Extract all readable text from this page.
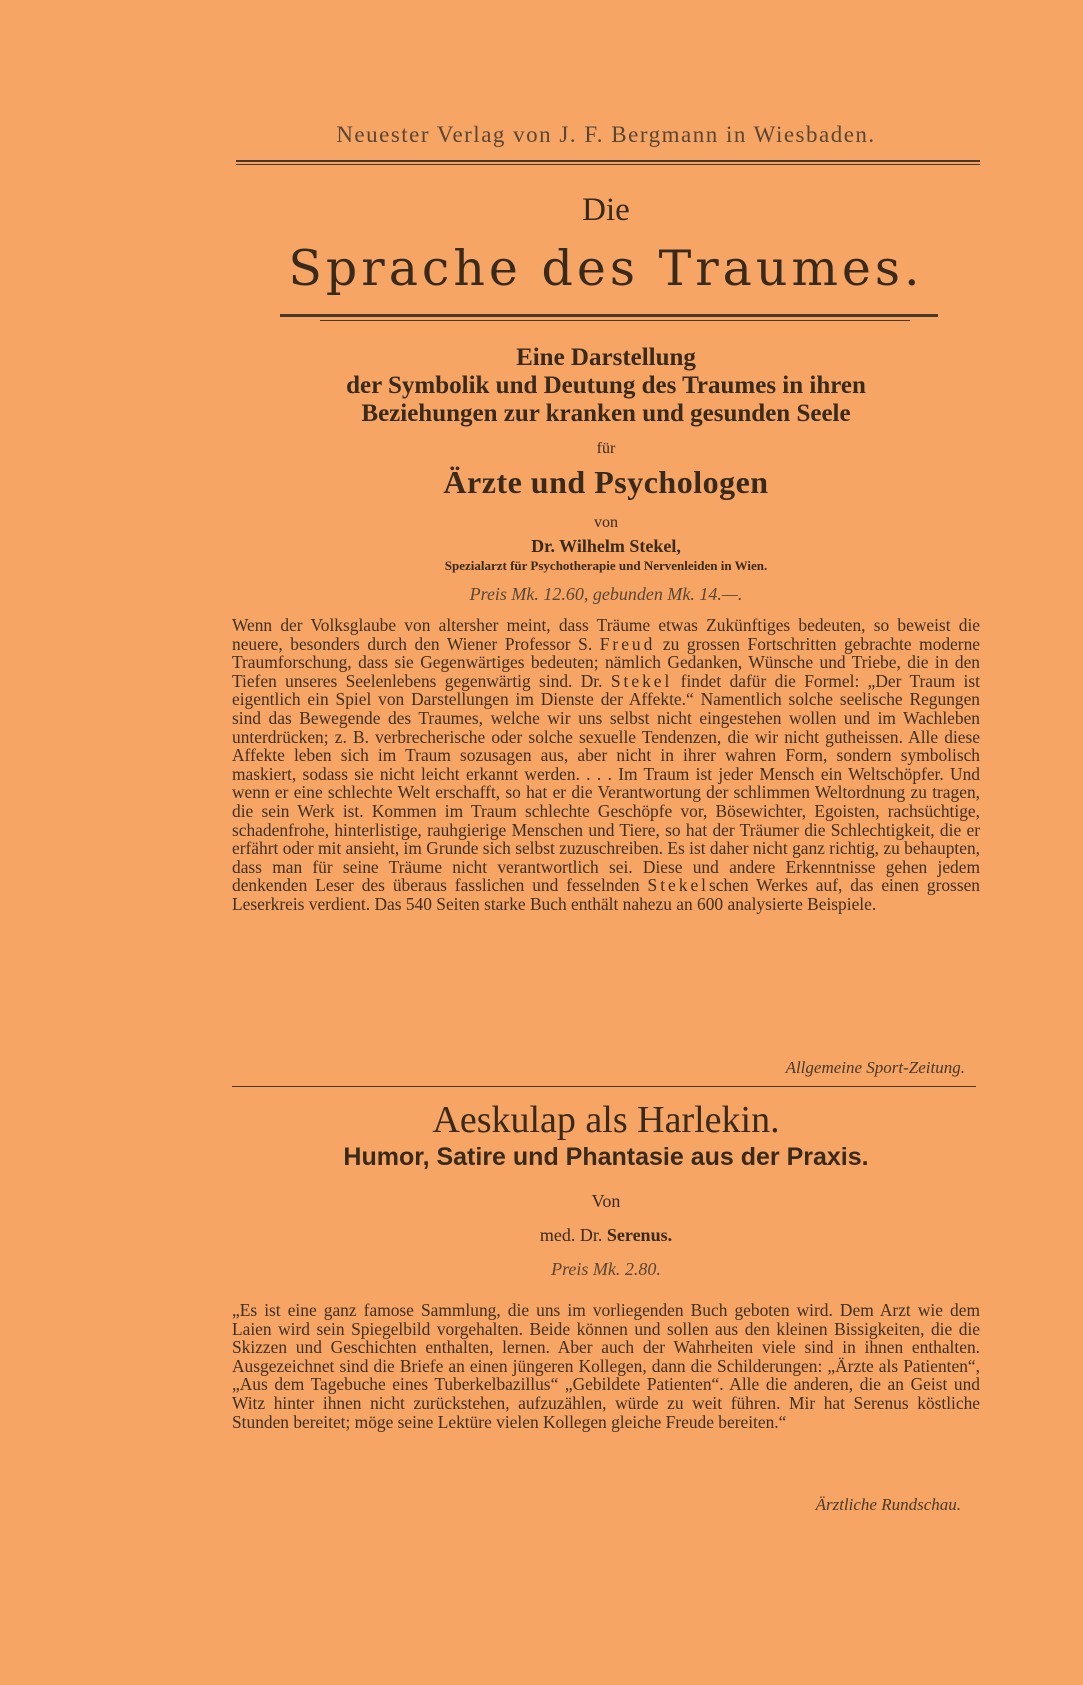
Neuester Verlag von J. F. Bergmann in Wiesbaden.
Die
Sprache des Traumes.
Eine Darstellung
der Symbolik und Deutung des Traumes in ihren
Beziehungen zur kranken und gesunden Seele
für
Ärzte und Psychologen
von
Dr. Wilhelm Stekel,
Spezialarzt für Psychotherapie und Nervenleiden in Wien.
Preis Mk. 12.60, gebunden Mk. 14.—.

Wenn der Volksglaube von altersher meint, dass Träume etwas Zukünftiges bedeuten, so beweist die neuere, besonders durch den Wiener Professor S. Freud zu grossen Fortschritten gebrachte moderne Traumforschung, dass sie Gegenwärtiges bedeuten; nämlich Gedanken, Wünsche und Triebe, die in den Tiefen unseres Seelenlebens gegenwärtig sind. Dr. Stekel findet dafür die Formel: „Der Traum ist eigentlich ein Spiel von Darstellungen im Dienste der Affekte.“ Namentlich solche seelische Regungen sind das Bewegende des Traumes, welche wir uns selbst nicht eingestehen wollen und im Wachleben unterdrücken; z. B. verbrecherische oder solche sexuelle Tendenzen, die wir nicht gutheissen. Alle diese Affekte leben sich im Traum sozusagen aus, aber nicht in ihrer wahren Form, sondern symbolisch maskiert, sodass sie nicht leicht erkannt werden. . . . Im Traum ist jeder Mensch ein Weltschöpfer. Und wenn er eine schlechte Welt erschafft, so hat er die Verantwortung der schlimmen Weltordnung zu tragen, die sein Werk ist. Kommen im Traum schlechte Geschöpfe vor, Bösewichter, Egoisten, rachsüchtige, schadenfrohe, hinterlistige, rauhgierige Menschen und Tiere, so hat der Träumer die Schlechtigkeit, die er erfährt oder mit ansieht, im Grunde sich selbst zuzuschreiben. Es ist daher nicht ganz richtig, zu behaupten, dass man für seine Träume nicht verantwortlich sei. Diese und andere Erkenntnisse gehen jedem denkenden Leser des überaus fasslichen und fesselnden Stekelschen Werkes auf, das einen grossen Leserkreis verdient. Das 540 Seiten starke Buch enthält nahezu an 600 analysierte Beispiele.

Allgemeine Sport-Zeitung.
Aeskulap als Harlekin.
Humor, Satire und Phantasie aus der Praxis.
Von
med. Dr. Serenus.
Preis Mk. 2.80.

„Es ist eine ganz famose Sammlung, die uns im vorliegenden Buch geboten wird. Dem Arzt wie dem Laien wird sein Spiegelbild vorgehalten. Beide können und sollen aus den kleinen Bissigkeiten, die die Skizzen und Geschichten enthalten, lernen. Aber auch der Wahrheiten viele sind in ihnen enthalten. Ausgezeichnet sind die Briefe an einen jüngeren Kollegen, dann die Schilderungen: „Ärzte als Patienten“, „Aus dem Tagebuche eines Tuberkelbazillus“ „Gebildete Patienten“. Alle die anderen, die an Geist und Witz hinter ihnen nicht zurückstehen, aufzuzählen, würde zu weit führen. Mir hat Serenus köstliche Stunden bereitet; möge seine Lektüre vielen Kollegen gleiche Freude bereiten.“

Ärztliche Rundschau.
